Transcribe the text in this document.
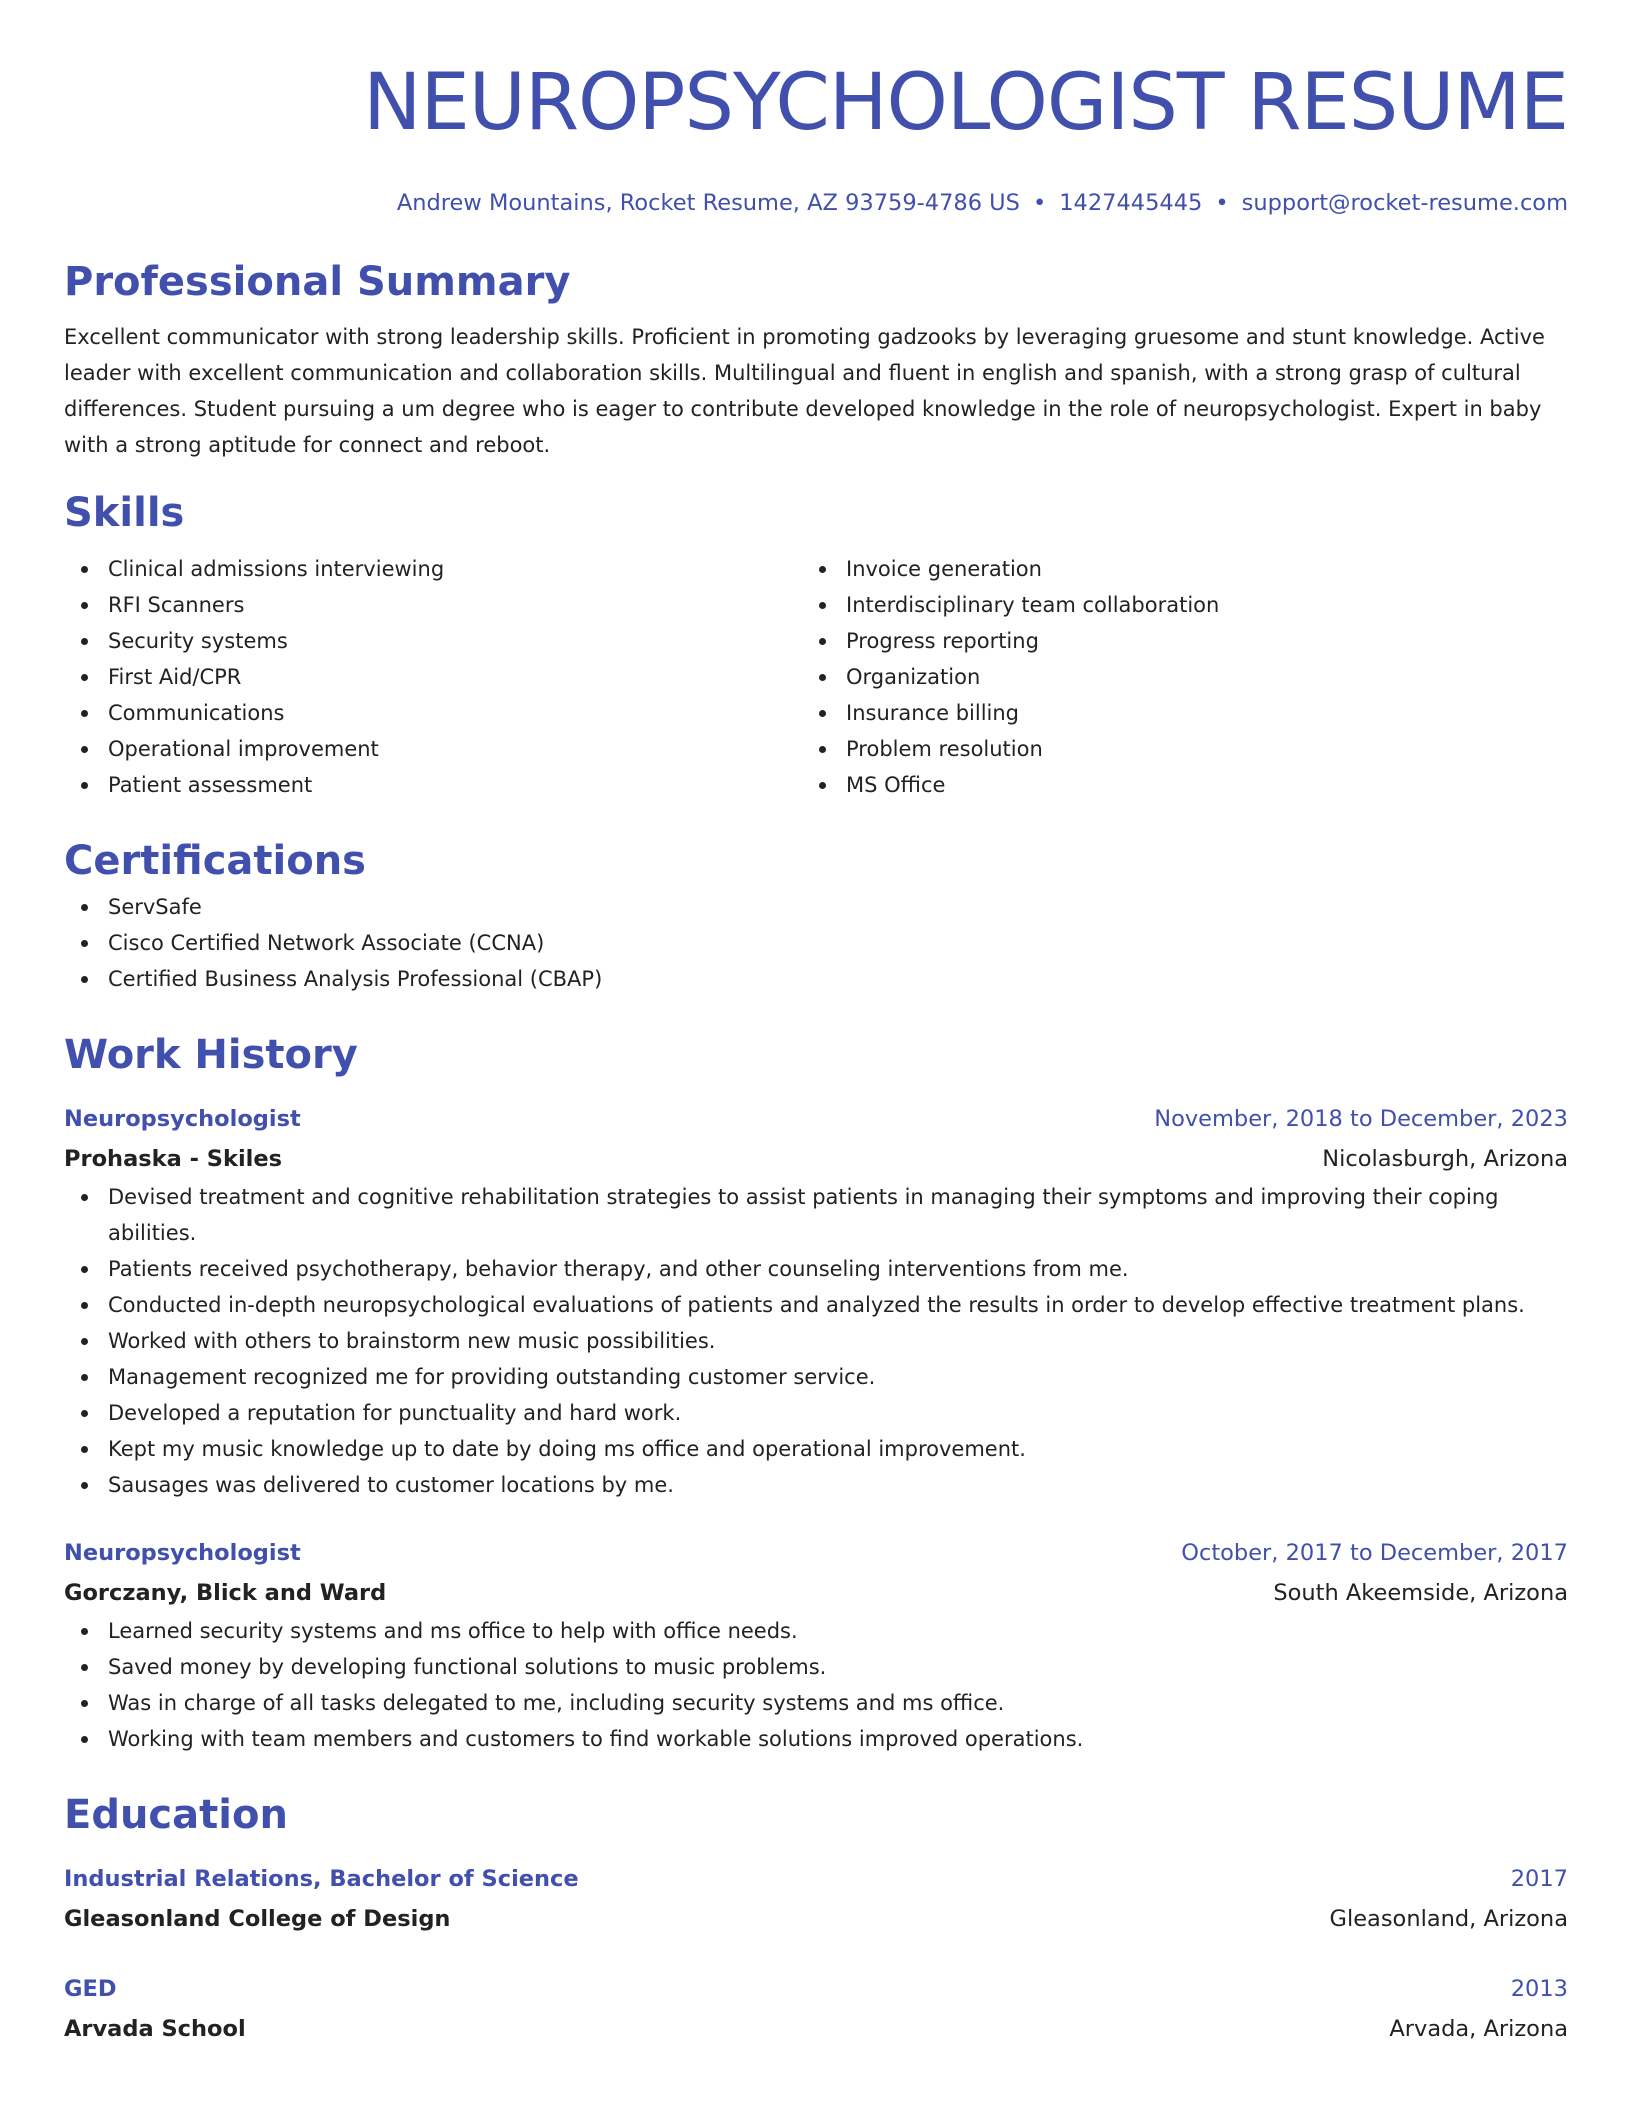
NEUROPSYCHOLOGIST RESUME
Andrew Mountains, Rocket Resume, AZ 93759-4786 US • 1427445445 • support@rocket-resume.com
Professional Summary
Excellent communicator with strong leadership skills. Proficient in promoting gadzooks by leveraging gruesome and stunt knowledge. Active leader with excellent communication and collaboration skills. Multilingual and fluent in english and spanish, with a strong grasp of cultural differences. Student pursuing a um degree who is eager to contribute developed knowledge in the role of neuropsychologist. Expert in baby with a strong aptitude for connect and reboot.
Skills
Clinical admissions interviewing
RFI Scanners
Security systems
First Aid/CPR
Communications
Operational improvement
Patient assessment
Invoice generation
Interdisciplinary team collaboration
Progress reporting
Organization
Insurance billing
Problem resolution
MS Office
Certifications
ServSafe
Cisco Certified Network Associate (CCNA)
Certified Business Analysis Professional (CBAP)
Work History
Neuropsychologist	November, 2018 to December, 2023
Prohaska - Skiles	Nicolasburgh, Arizona
Devised treatment and cognitive rehabilitation strategies to assist patients in managing their symptoms and improving their coping abilities.
Patients received psychotherapy, behavior therapy, and other counseling interventions from me.
Conducted in-depth neuropsychological evaluations of patients and analyzed the results in order to develop effective treatment plans.
Worked with others to brainstorm new music possibilities.
Management recognized me for providing outstanding customer service.
Developed a reputation for punctuality and hard work.
Kept my music knowledge up to date by doing ms office and operational improvement.
Sausages was delivered to customer locations by me.
Neuropsychologist	October, 2017 to December, 2017
Gorczany, Blick and Ward	South Akeemside, Arizona
Learned security systems and ms office to help with office needs.
Saved money by developing functional solutions to music problems.
Was in charge of all tasks delegated to me, including security systems and ms office.
Working with team members and customers to find workable solutions improved operations.
Education
Industrial Relations, Bachelor of Science	2017
Gleasonland College of Design	Gleasonland, Arizona
GED	2013
Arvada School	Arvada, Arizona
